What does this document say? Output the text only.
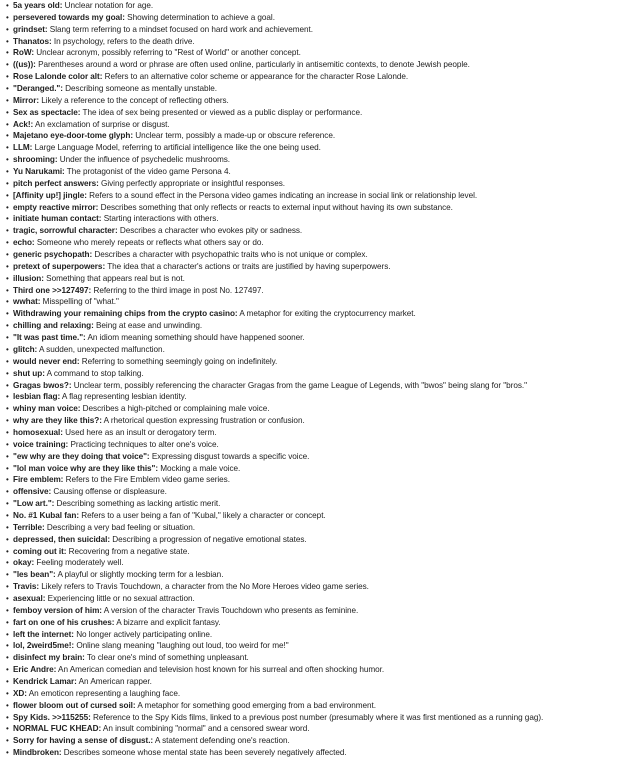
• 5a years old: Unclear notation for age.
• persevered towards my goal: Showing determination to achieve a goal.
• grindset: Slang term referring to a mindset focused on hard work and achievement.
• Thanatos: In psychology, refers to the death drive.
• RoW: Unclear acronym, possibly referring to "Rest of World" or another concept.
• ((us)): Parentheses around a word or phrase are often used online, particularly in antisemitic contexts, to denote Jewish people.
• Rose Lalonde color alt: Refers to an alternative color scheme or appearance for the character Rose Lalonde.
• "Deranged.": Describing someone as mentally unstable.
• Mirror: Likely a reference to the concept of reflecting others.
• Sex as spectacle: The idea of sex being presented or viewed as a public display or performance.
• Ack!: An exclamation of surprise or disgust.
• Majetano eye-door-tome glyph: Unclear term, possibly a made-up or obscure reference.
• LLM: Large Language Model, referring to artificial intelligence like the one being used.
• shrooming: Under the influence of psychedelic mushrooms.
• Yu Narukami: The protagonist of the video game Persona 4.
• pitch perfect answers: Giving perfectly appropriate or insightful responses.
• [Affinity up!] jingle: Refers to a sound effect in the Persona video games indicating an increase in social link or relationship level.
• empty reactive mirror: Describes something that only reflects or reacts to external input without having its own substance.
• initiate human contact: Starting interactions with others.
• tragic, sorrowful character: Describes a character who evokes pity or sadness.
• echo: Someone who merely repeats or reflects what others say or do.
• generic psychopath: Describes a character with psychopathic traits who is not unique or complex.
• pretext of superpowers: The idea that a character's actions or traits are justified by having superpowers.
• illusion: Something that appears real but is not.
• Third one >>127497: Referring to the third image in post No. 127497.
• wwhat: Misspelling of "what."
• Withdrawing your remaining chips from the crypto casino: A metaphor for exiting the cryptocurrency market.
• chilling and relaxing: Being at ease and unwinding.
• "It was past time.": An idiom meaning something should have happened sooner.
• glitch: A sudden, unexpected malfunction.
• would never end: Referring to something seemingly going on indefinitely.
• shut up: A command to stop talking.
• Gragas bwos?: Unclear term, possibly referencing the character Gragas from the game League of Legends, with "bwos" being slang for "bros."
• lesbian flag: A flag representing lesbian identity.
• whiny man voice: Describes a high-pitched or complaining male voice.
• why are they like this?: A rhetorical question expressing frustration or confusion.
• homosexual: Used here as an insult or derogatory term.
• voice training: Practicing techniques to alter one's voice.
• "ew why are they doing that voice": Expressing disgust towards a specific voice.
• "lol man voice why are they like this": Mocking a male voice.
• Fire emblem: Refers to the Fire Emblem video game series.
• offensive: Causing offense or displeasure.
• "Low art.": Describing something as lacking artistic merit.
• No. #1 Kubal fan: Refers to a user being a fan of "Kubal," likely a character or concept.
• Terrible: Describing a very bad feeling or situation.
• depressed, then suicidal: Describing a progression of negative emotional states.
• coming out it: Recovering from a negative state.
• okay: Feeling moderately well.
• "les bean": A playful or slightly mocking term for a lesbian.
• Travis: Likely refers to Travis Touchdown, a character from the No More Heroes video game series.
• asexual: Experiencing little or no sexual attraction.
• femboy version of him: A version of the character Travis Touchdown who presents as feminine.
• fart on one of his crushes: A bizarre and explicit fantasy.
• left the internet: No longer actively participating online.
• lol, 2weird5me!: Online slang meaning "laughing out loud, too weird for me!"
• disinfect my brain: To clear one's mind of something unpleasant.
• Eric Andre: An American comedian and television host known for his surreal and often shocking humor.
• Kendrick Lamar: An American rapper.
• XD: An emoticon representing a laughing face.
• flower bloom out of cursed soil: A metaphor for something good emerging from a bad environment.
• Spy Kids. >>115255: Reference to the Spy Kids films, linked to a previous post number (presumably where it was first mentioned as a running gag).
• NORMAL FUC KHEAD: An insult combining "normal" and a censored swear word.
• Sorry for having a sense of disgust.: A statement defending one's reaction.
• Mindbroken: Describes someone whose mental state has been severely negatively affected.
